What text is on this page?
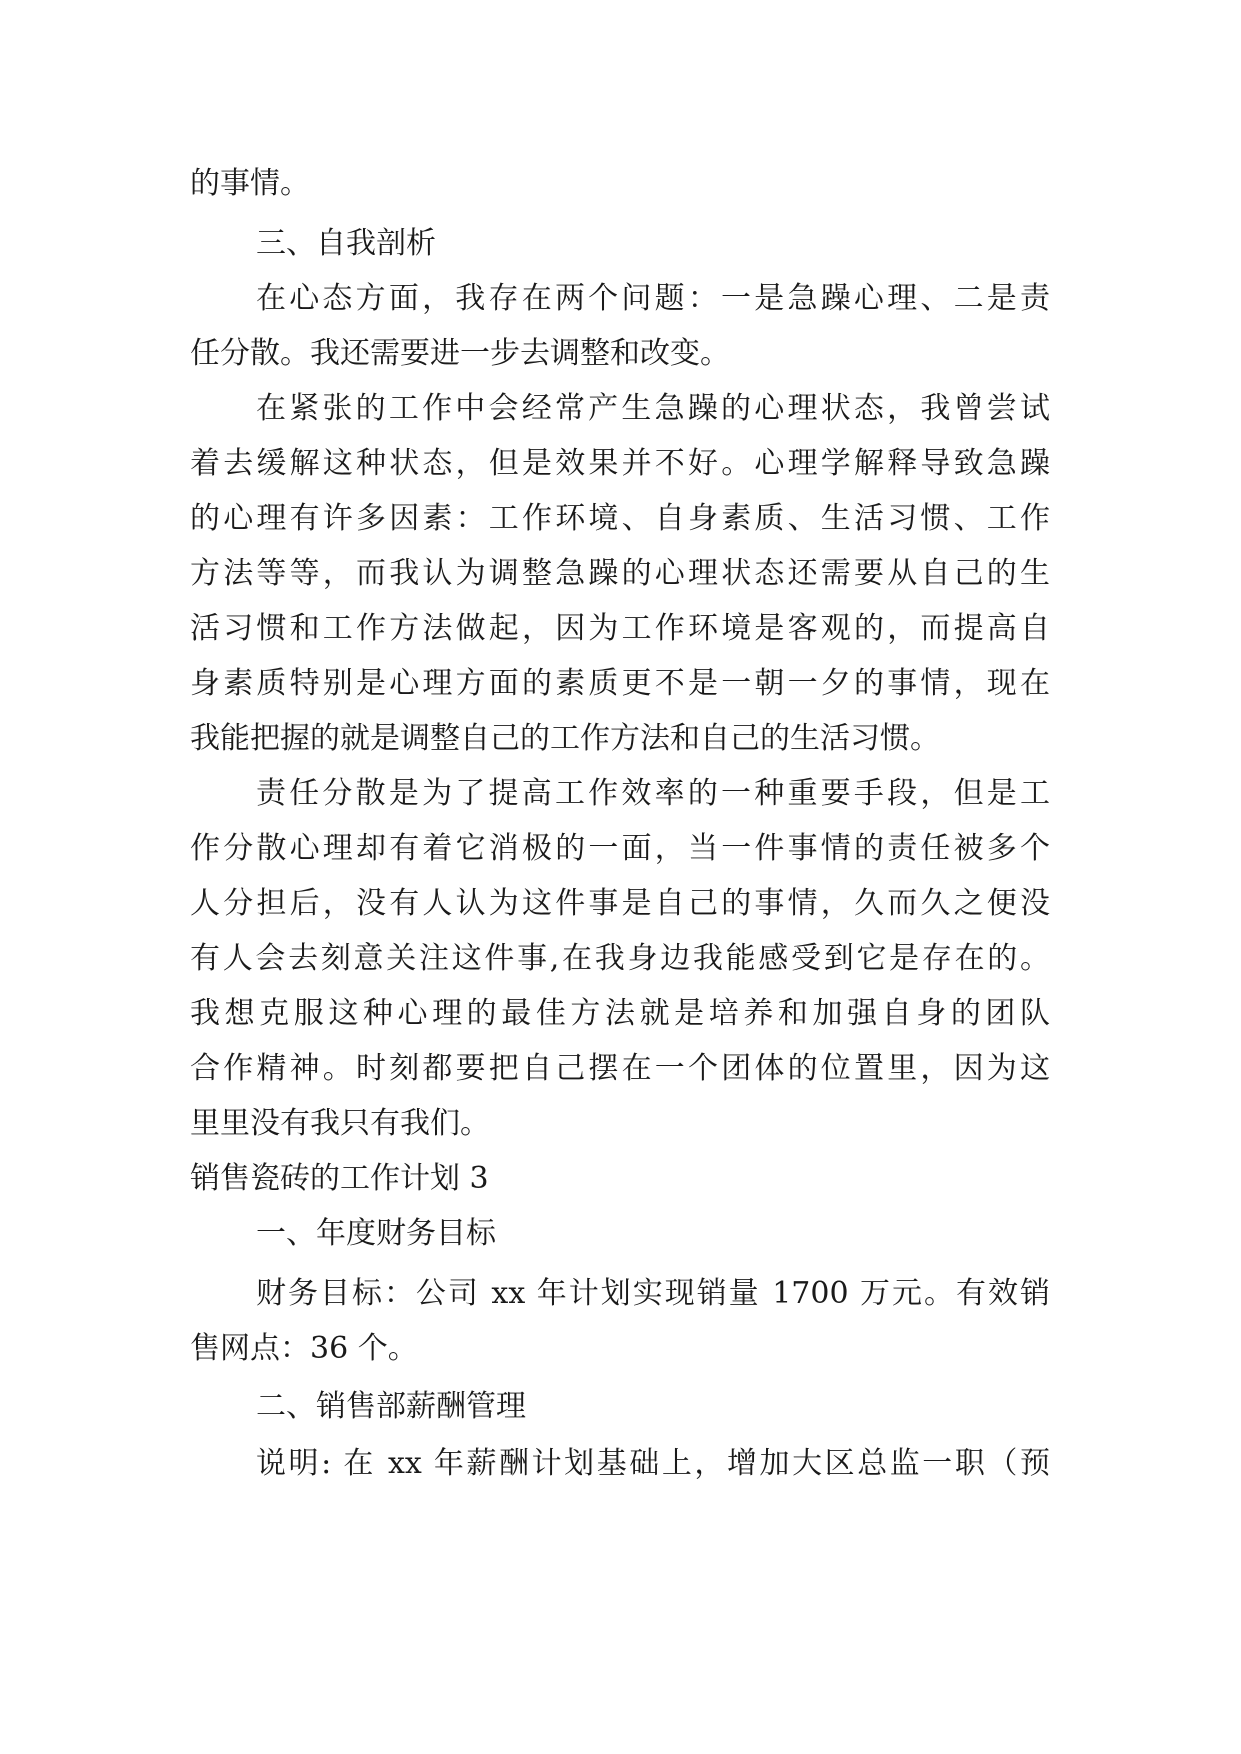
的事情。
三、自我剖析
在心态方面，我存在两个问题：一是急躁心理、二是责
任分散。我还需要进一步去调整和改变。
在紧张的工作中会经常产生急躁的心理状态，我曾尝试
着去缓解这种状态，但是效果并不好。心理学解释导致急躁
的心理有许多因素：工作环境、自身素质、生活习惯、工作
方法等等，而我认为调整急躁的心理状态还需要从自己的生
活习惯和工作方法做起，因为工作环境是客观的，而提高自
身素质特别是心理方面的素质更不是一朝一夕的事情，现在
我能把握的就是调整自己的工作方法和自己的生活习惯。
责任分散是为了提高工作效率的一种重要手段，但是工
作分散心理却有着它消极的一面，当一件事情的责任被多个
人分担后，没有人认为这件事是自己的事情，久而久之便没
有人会去刻意关注这件事,在我身边我能感受到它是存在的。
我想克服这种心理的最佳方法就是培养和加强自身的团队
合作精神。时刻都要把自己摆在一个团体的位置里，因为这
里里没有我只有我们。
销售瓷砖的工作计划 3
一、年度财务目标
财务目标：公司 xx 年计划实现销量 1700 万元。有效销
售网点：36 个。
二、销售部薪酬管理
说明: 在 xx 年薪酬计划基础上，增加大区总监一职（预
